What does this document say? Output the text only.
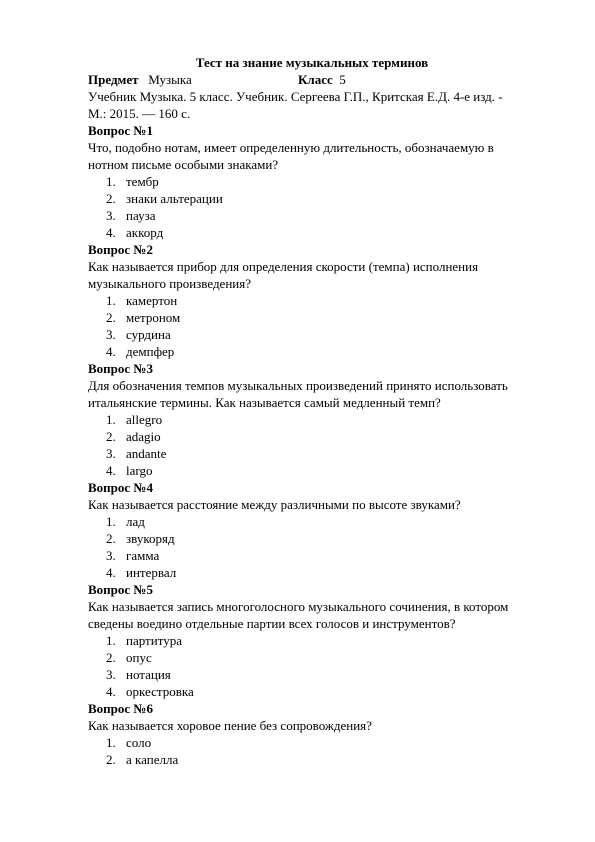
Тест на знание музыкальных терминов
Предмет Музыка	Класс 5
Учебник Музыка. 5 класс. Учебник. Сергеева Г.П., Критская Е.Д. 4-е изд. - М.: 2015. — 160 с.
Вопрос №1
Что, подобно нотам, имеет определенную длительность, обозначаемую в нотном письме особыми знаками?
1. тембр
2. знаки альтерации
3. пауза
4. аккорд
Вопрос №2
Как называется прибор для определения скорости (темпа) исполнения музыкального произведения?
1. камертон
2. метроном
3. сурдина
4. демпфер
Вопрос №3
Для обозначения темпов музыкальных произведений принято использовать итальянские термины. Как называется самый медленный темп?
1. allegro
2. adagio
3. andante
4. largo
Вопрос №4
Как называется расстояние между различными по высоте звуками?
1. лад
2. звукоряд
3. гамма
4. интервал
Вопрос №5
Как называется запись многоголосного музыкального сочинения, в котором сведены воедино отдельные партии всех голосов и инструментов?
1. партитура
2. опус
3. нотация
4. оркестровка
Вопрос №6
Как называется хоровое пение без сопровождения?
1. соло
2. а капелла
